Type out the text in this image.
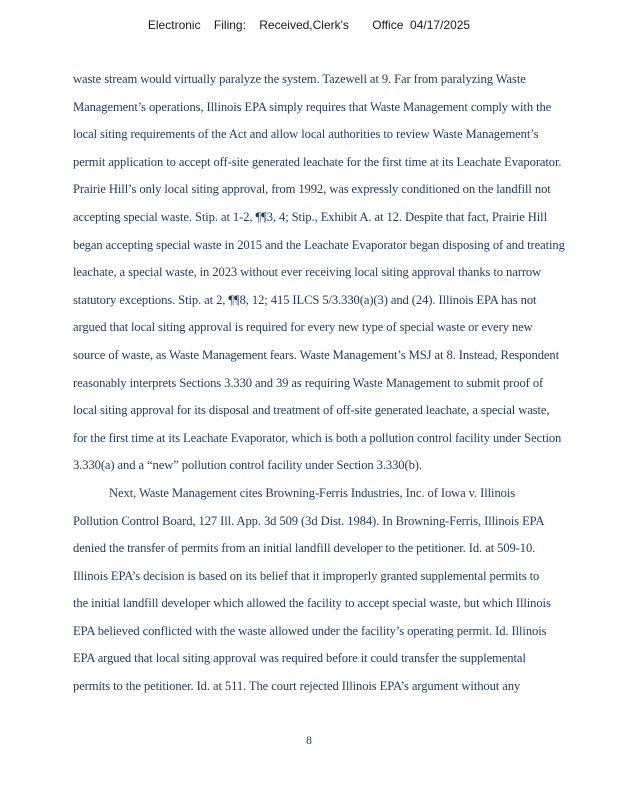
Electronic    Filing:    Received,Clerk's       Office  04/17/2025
waste stream would virtually paralyze the system. Tazewell at 9. Far from paralyzing Waste
Management’s operations, Illinois EPA simply requires that Waste Management comply with the
local siting requirements of the Act and allow local authorities to review Waste Management’s
permit application to accept off-site generated leachate for the first time at its Leachate Evaporator.
Prairie Hill’s only local siting approval, from 1992, was expressly conditioned on the landfill not
accepting special waste. Stip. at 1-2, ¶¶3, 4; Stip., Exhibit A. at 12. Despite that fact, Prairie Hill
began accepting special waste in 2015 and the Leachate Evaporator began disposing of and treating
leachate, a special waste, in 2023 without ever receiving local siting approval thanks to narrow
statutory exceptions. Stip. at 2, ¶¶8, 12; 415 ILCS 5/3.330(a)(3) and (24). Illinois EPA has not
argued that local siting approval is required for every new type of special waste or every new
source of waste, as Waste Management fears. Waste Management’s MSJ at 8. Instead, Respondent
reasonably interprets Sections 3.330 and 39 as requiring Waste Management to submit proof of
local siting approval for its disposal and treatment of off-site generated leachate, a special waste,
for the first time at its Leachate Evaporator, which is both a pollution control facility under Section
3.330(a) and a “new” pollution control facility under Section 3.330(b).
Next, Waste Management cites Browning-Ferris Industries, Inc. of Iowa v. Illinois
Pollution Control Board, 127 Ill. App. 3d 509 (3d Dist. 1984). In Browning-Ferris, Illinois EPA
denied the transfer of permits from an initial landfill developer to the petitioner. Id. at 509-10.
Illinois EPA’s decision is based on its belief that it improperly granted supplemental permits to
the initial landfill developer which allowed the facility to accept special waste, but which Illinois
EPA believed conflicted with the waste allowed under the facility’s operating permit. Id. Illinois
EPA argued that local siting approval was required before it could transfer the supplemental
permits to the petitioner. Id. at 511. The court rejected Illinois EPA’s argument without any
8
